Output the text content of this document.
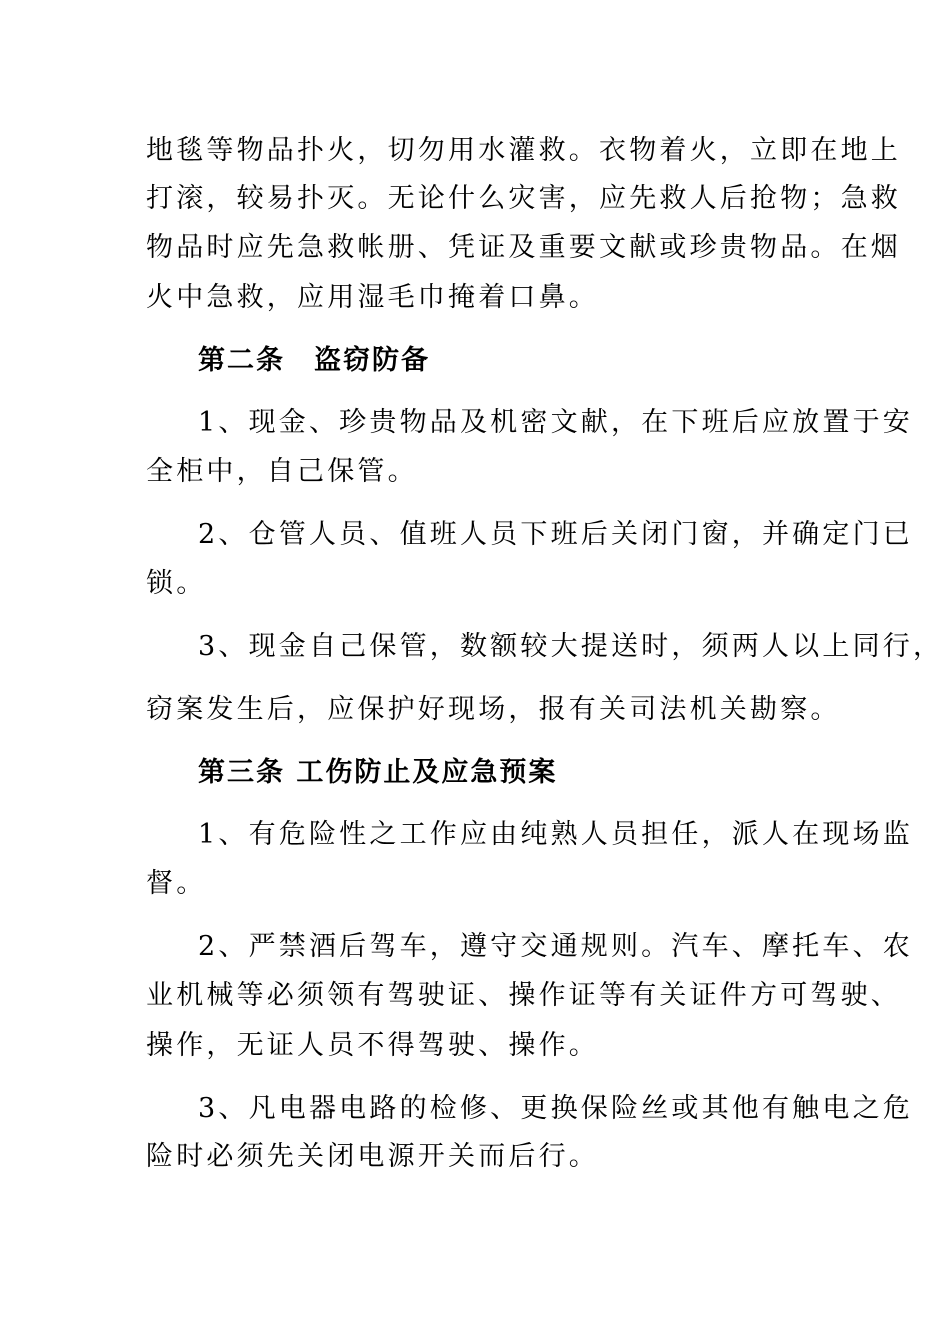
地毯等物品扑火，切勿用水灌救。衣物着火，立即在地上
打滚，较易扑灭。无论什么灾害，应先救人后抢物；急救
物品时应先急救帐册、凭证及重要文献或珍贵物品。在烟
火中急救，应用湿毛巾掩着口鼻。
第二条　盗窃防备
1、现金、珍贵物品及机密文献，在下班后应放置于安
全柜中，自己保管。
2、仓管人员、值班人员下班后关闭门窗，并确定门已
锁。
3、现金自己保管，数额较大提送时，须两人以上同行，
窃案发生后，应保护好现场，报有关司法机关勘察。
第三条 工伤防止及应急预案
1、有危险性之工作应由纯熟人员担任，派人在现场监
督。
2、严禁酒后驾车，遵守交通规则。汽车、摩托车、农
业机械等必须领有驾驶证、操作证等有关证件方可驾驶、
操作，无证人员不得驾驶、操作。
3、凡电器电路的检修、更换保险丝或其他有触电之危
险时必须先关闭电源开关而后行。
